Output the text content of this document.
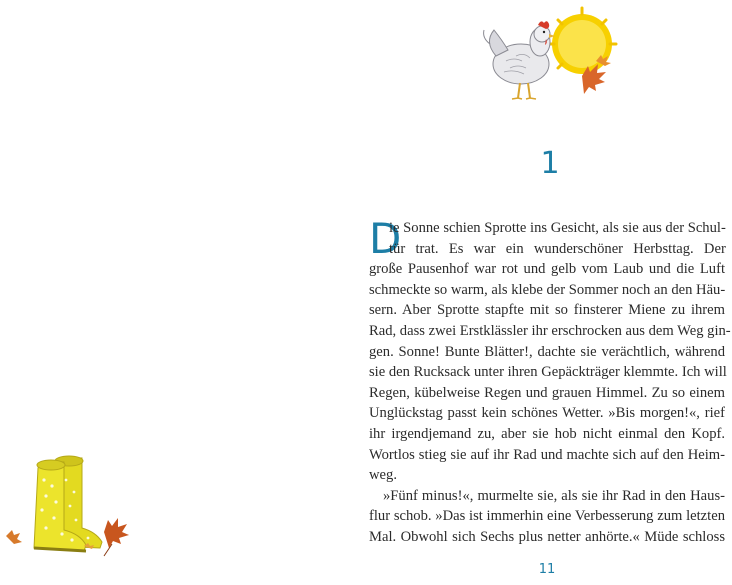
1
D
ie Sonne schien Sprotte ins Gesicht, als sie aus der Schul-
tür trat. Es war ein wunderschöner Herbsttag. Der
große Pausenhof war rot und gelb vom Laub und die Luft
schmeckte so warm, als klebe der Sommer noch an den Häu-
sern. Aber Sprotte stapfte mit so finsterer Miene zu ihrem
Rad, dass zwei Erstklässler ihr erschrocken aus dem Weg gin-
gen. Sonne! Bunte Blätter!, dachte sie verächtlich, während
sie den Rucksack unter ihren Gepäckträger klemmte. Ich will
Regen, kübelweise Regen und grauen Himmel. Zu so einem
Unglückstag passt kein schönes Wetter. »Bis morgen!«, rief
ihr irgendjemand zu, aber sie hob nicht einmal den Kopf.
Wortlos stieg sie auf ihr Rad und machte sich auf den Heim-
weg.
»Fünf minus!«, murmelte sie, als sie ihr Rad in den Haus-
flur schob. »Das ist immerhin eine Verbesserung zum letzten
Mal. Obwohl sich Sechs plus netter anhörte.« Müde schloss
11
